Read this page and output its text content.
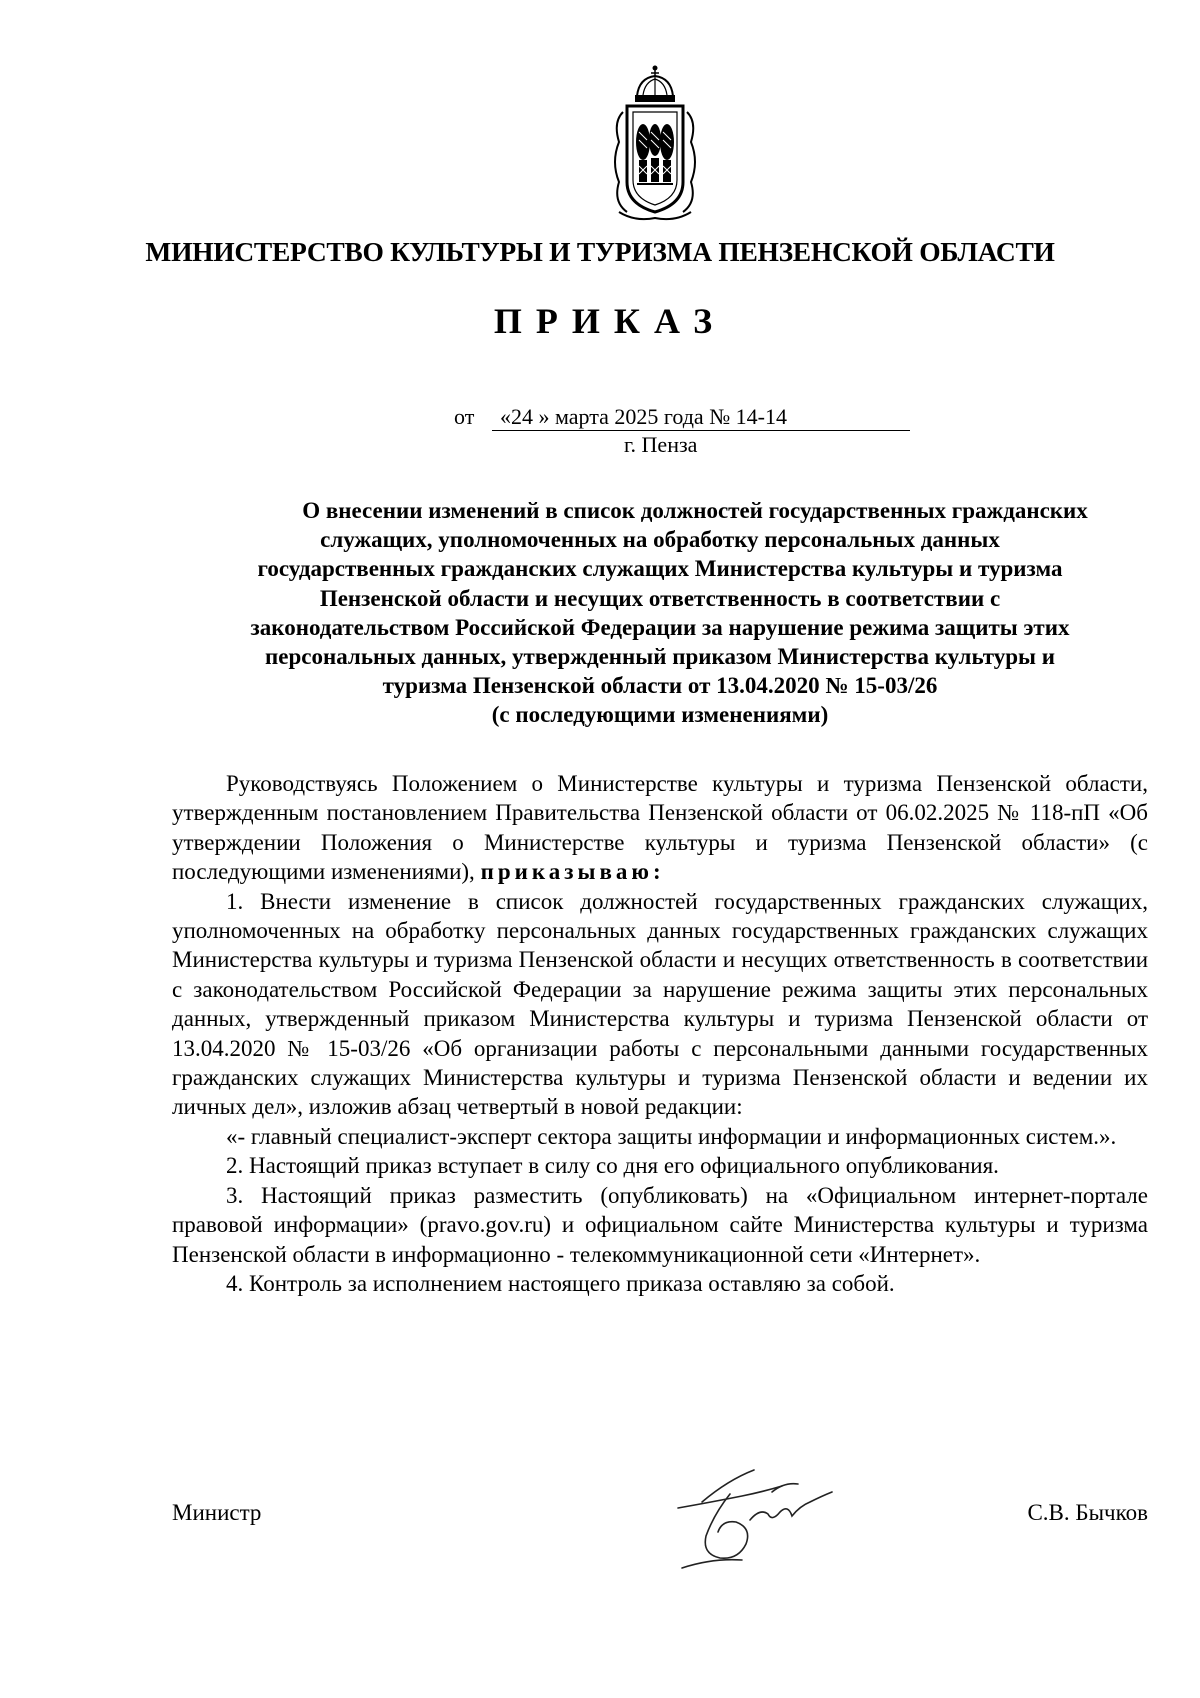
МИНИСТЕРСТВО КУЛЬТУРЫ И ТУРИЗМА ПЕНЗЕНСКОЙ ОБЛАСТИ
ПРИКАЗ
от «24 » марта 2025 года № 14-14
г. Пенза
О внесении изменений в список должностей государственных гражданских
служащих, уполномоченных на обработку персональных данных
государственных гражданских служащих Министерства культуры и туризма
Пензенской области и несущих ответственность в соответствии с
законодательством Российской Федерации за нарушение режима защиты этих
персональных данных, утвержденный приказом Министерства культуры и
туризма Пензенской области от 13.04.2020 № 15-03/26
(с последующими изменениями)

Руководствуясь Положением о Министерстве культуры и туризма Пензенской области, утвержденным постановлением Правительства Пензенской области от 06.02.2025 № 118-пП «Об утверждении Положения о Министерстве культуры и туризма Пензенской области» (с последующими изменениями), приказываю:

1. Внести изменение в список должностей государственных гражданских служащих, уполномоченных на обработку персональных данных государственных гражданских служащих Министерства культуры и туризма Пензенской области и несущих ответственность в соответствии с законодательством Российской Федерации за нарушение режима защиты этих персональных данных, утвержденный приказом Министерства культуры и туризма Пензенской области от 13.04.2020 № 15-03/26 «Об организации работы с персональными данными государственных гражданских служащих Министерства культуры и туризма Пензенской области и ведении их личных дел», изложив абзац четвертый в новой редакции:

«- главный специалист-эксперт сектора защиты информации и информационных систем.».

2. Настоящий приказ вступает в силу со дня его официального опубликования.

3. Настоящий приказ разместить (опубликовать) на «Официальном интернет-портале правовой информации» (pravo.gov.ru) и официальном сайте Министерства культуры и туризма Пензенской области в информационно - телекоммуникационной сети «Интернет».

4. Контроль за исполнением настоящего приказа оставляю за собой.

Министр	С.В. Бычков
